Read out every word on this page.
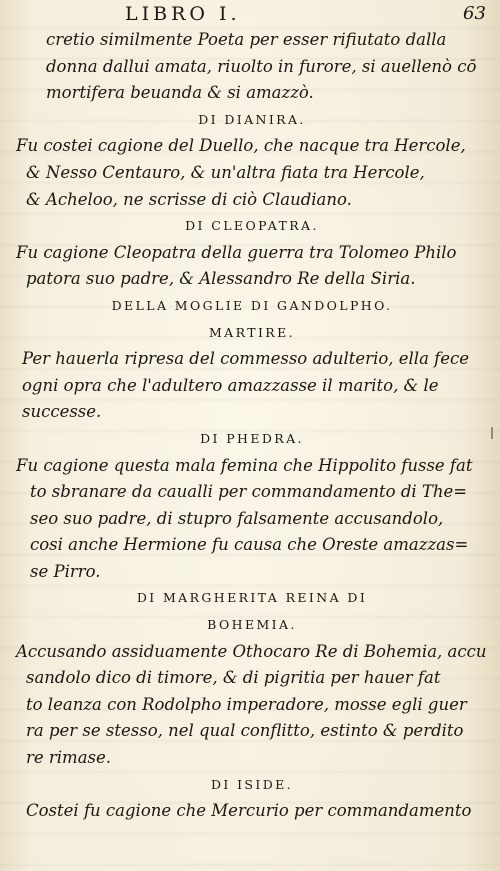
LIBRO I.	63
cretio similmente Poeta per esser rifiutato dalla
donna dallui amata, riuolto in furore, si auellenò cō
mortifera beuanda & si amazzò.
DI DIANIRA.
Fu costei cagione del Duello, che nacque tra Hercole,
& Nesso Centauro, & un'altra fiata tra Hercole,
& Acheloo, ne scrisse di ciò Claudiano.
DI CLEOPATRA.
Fu cagione Cleopatra della guerra tra Tolomeo Philo
patora suo padre, & Alessandro Re della Siria.
DELLA MOGLIE DI GANDOLPHO.
MARTIRE.
Per hauerla ripresa del commesso adulterio, ella fece
ogni opra che l'adultero amazzasse il marito, & le
successe.
DI PHEDRA.
Fu cagione questa mala femina che Hippolito fusse fat
to sbranare da caualli per commandamento di The=
seo suo padre, di stupro falsamente accusandolo,
cosi anche Hermione fu causa che Oreste amazzas=
se Pirro.
DI MARGHERITA REINA DI
BOHEMIA.
Accusando assiduamente Othocaro Re di Bohemia, accu
sandolo dico di timore, & di pigritia per hauer fat
to leanza con Rodolpho imperadore, mosse egli guer
ra per se stesso, nel qual conflitto, estinto & perdito
re rimase.
DI ISIDE.
Costei fu cagione che Mercurio per commandamento
